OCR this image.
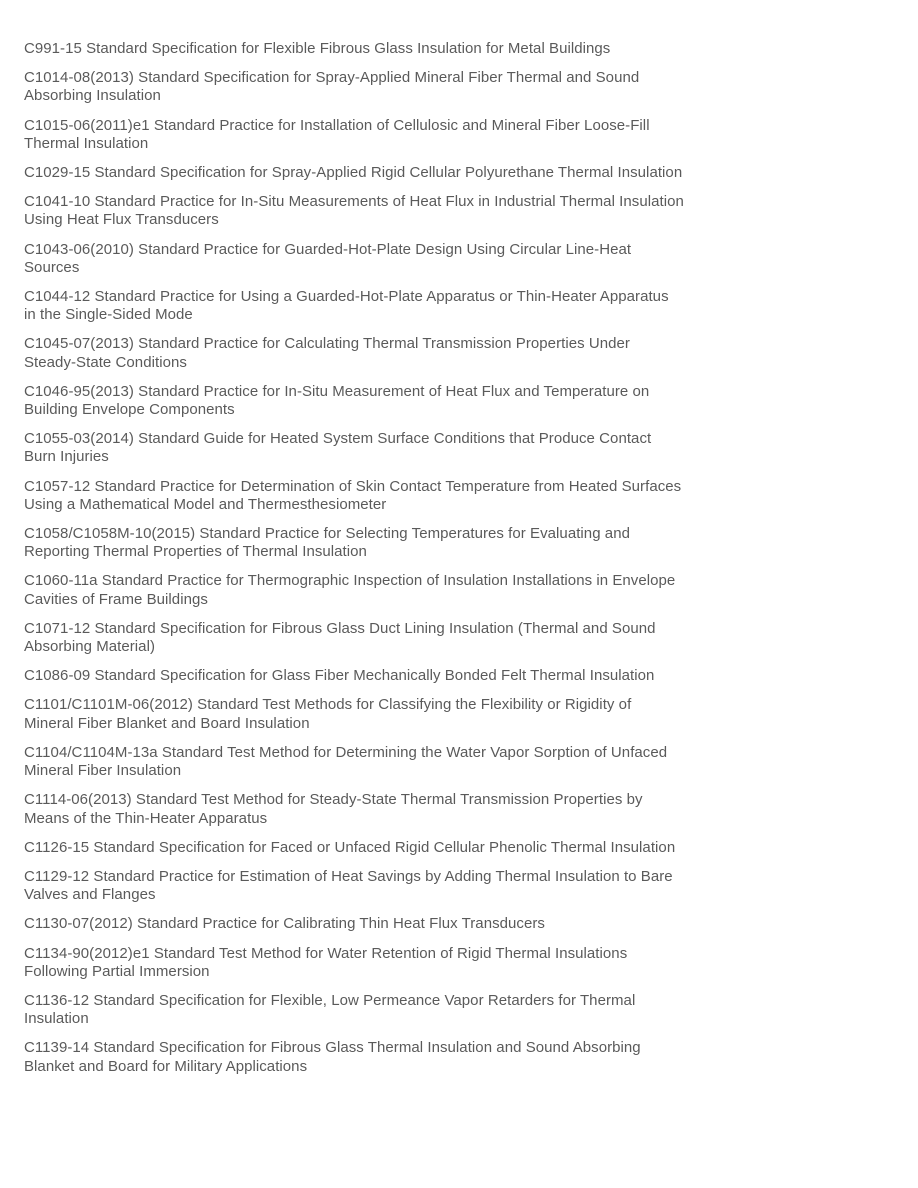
C991-15 Standard Specification for Flexible Fibrous Glass Insulation for Metal Buildings

C1014-08(2013) Standard Specification for Spray-Applied Mineral Fiber Thermal and Sound Absorbing Insulation

C1015-06(2011)e1 Standard Practice for Installation of Cellulosic and Mineral Fiber Loose-Fill Thermal Insulation

C1029-15 Standard Specification for Spray-Applied Rigid Cellular Polyurethane Thermal Insulation

C1041-10 Standard Practice for In-Situ Measurements of Heat Flux in Industrial Thermal Insulation Using Heat Flux Transducers

C1043-06(2010) Standard Practice for Guarded-Hot-Plate Design Using Circular Line-Heat Sources

C1044-12 Standard Practice for Using a Guarded-Hot-Plate Apparatus or Thin-Heater Apparatus in the Single-Sided Mode

C1045-07(2013) Standard Practice for Calculating Thermal Transmission Properties Under Steady-State Conditions

C1046-95(2013) Standard Practice for In-Situ Measurement of Heat Flux and Temperature on Building Envelope Components

C1055-03(2014) Standard Guide for Heated System Surface Conditions that Produce Contact Burn Injuries

C1057-12 Standard Practice for Determination of Skin Contact Temperature from Heated Surfaces Using a Mathematical Model and Thermesthesiometer

C1058/C1058M-10(2015) Standard Practice for Selecting Temperatures for Evaluating and Reporting Thermal Properties of Thermal Insulation

C1060-11a Standard Practice for Thermographic Inspection of Insulation Installations in Envelope Cavities of Frame Buildings

C1071-12 Standard Specification for Fibrous Glass Duct Lining Insulation (Thermal and Sound Absorbing Material)

C1086-09 Standard Specification for Glass Fiber Mechanically Bonded Felt Thermal Insulation

C1101/C1101M-06(2012) Standard Test Methods for Classifying the Flexibility or Rigidity of Mineral Fiber Blanket and Board Insulation

C1104/C1104M-13a Standard Test Method for Determining the Water Vapor Sorption of Unfaced Mineral Fiber Insulation

C1114-06(2013) Standard Test Method for Steady-State Thermal Transmission Properties by Means of the Thin-Heater Apparatus

C1126-15 Standard Specification for Faced or Unfaced Rigid Cellular Phenolic Thermal Insulation

C1129-12 Standard Practice for Estimation of Heat Savings by Adding Thermal Insulation to Bare Valves and Flanges

C1130-07(2012) Standard Practice for Calibrating Thin Heat Flux Transducers

C1134-90(2012)e1 Standard Test Method for Water Retention of Rigid Thermal Insulations Following Partial Immersion

C1136-12 Standard Specification for Flexible, Low Permeance Vapor Retarders for Thermal Insulation

C1139-14 Standard Specification for Fibrous Glass Thermal Insulation and Sound Absorbing Blanket and Board for Military Applications
